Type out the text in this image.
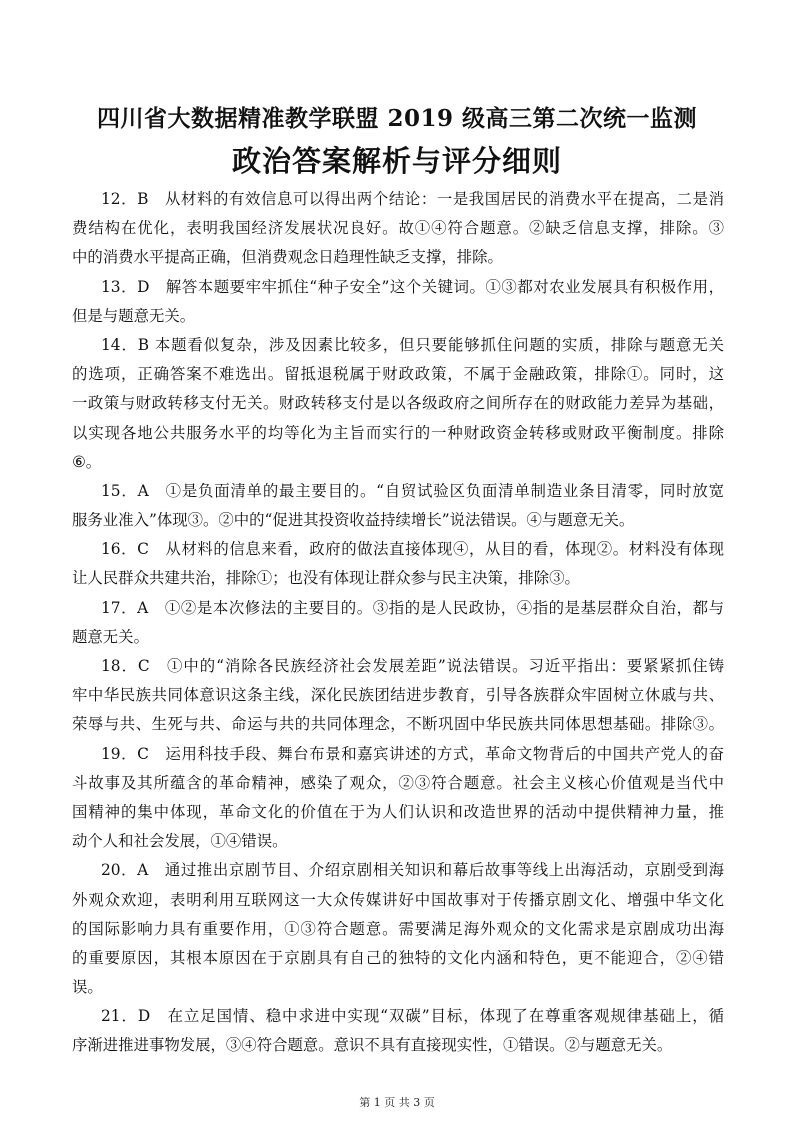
四川省大数据精准教学联盟 2019 级高三第二次统一监测
政治答案解析与评分细则
12．B　从材料的有效信息可以得出两个结论：一是我国居民的消费水平在提高，二是消
费结构在优化，表明我国经济发展状况良好。故①④符合题意。②缺乏信息支撑，排除。③
中的消费水平提高正确，但消费观念日趋理性缺乏支撑，排除。
13．D　解答本题要牢牢抓住“种子安全”这个关键词。①③都对农业发展具有积极作用，
但是与题意无关。
14．B 本题看似复杂，涉及因素比较多，但只要能够抓住问题的实质，排除与题意无关
的选项，正确答案不难选出。留抵退税属于财政政策，不属于金融政策，排除①。同时，这
一政策与财政转移支付无关。财政转移支付是以各级政府之间所存在的财政能力差异为基础，
以实现各地公共服务水平的均等化为主旨而实行的一种财政资金转移或财政平衡制度。排除
⑥。
15．A　①是负面清单的最主要目的。“自贸试验区负面清单制造业条目清零，同时放宽
服务业准入”体现③。②中的“促进其投资收益持续增长”说法错误。④与题意无关。
16．C　从材料的信息来看，政府的做法直接体现④，从目的看，体现②。材料没有体现
让人民群众共建共治，排除①；也没有体现让群众参与民主决策，排除③。
17．A　①②是本次修法的主要目的。③指的是人民政协，④指的是基层群众自治，都与
题意无关。
18．C　①中的“消除各民族经济社会发展差距”说法错误。习近平指出：要紧紧抓住铸
牢中华民族共同体意识这条主线，深化民族团结进步教育，引导各族群众牢固树立休戚与共、
荣辱与共、生死与共、命运与共的共同体理念，不断巩固中华民族共同体思想基础。排除③。
19．C　运用科技手段、舞台布景和嘉宾讲述的方式，革命文物背后的中国共产党人的奋
斗故事及其所蕴含的革命精神，感染了观众，②③符合题意。社会主义核心价值观是当代中
国精神的集中体现，革命文化的价值在于为人们认识和改造世界的活动中提供精神力量，推
动个人和社会发展，①④错误。
20．A　通过推出京剧节目、介绍京剧相关知识和幕后故事等线上出海活动，京剧受到海
外观众欢迎，表明利用互联网这一大众传媒讲好中国故事对于传播京剧文化、增强中华文化
的国际影响力具有重要作用，①③符合题意。需要满足海外观众的文化需求是京剧成功出海
的重要原因，其根本原因在于京剧具有自己的独特的文化内涵和特色，更不能迎合，②④错
误。
21．D　在立足国情、稳中求进中实现“双碳”目标，体现了在尊重客观规律基础上，循
序渐进推进事物发展，③④符合题意。意识不具有直接现实性，①错误。②与题意无关。
第 1 页 共 3 页
